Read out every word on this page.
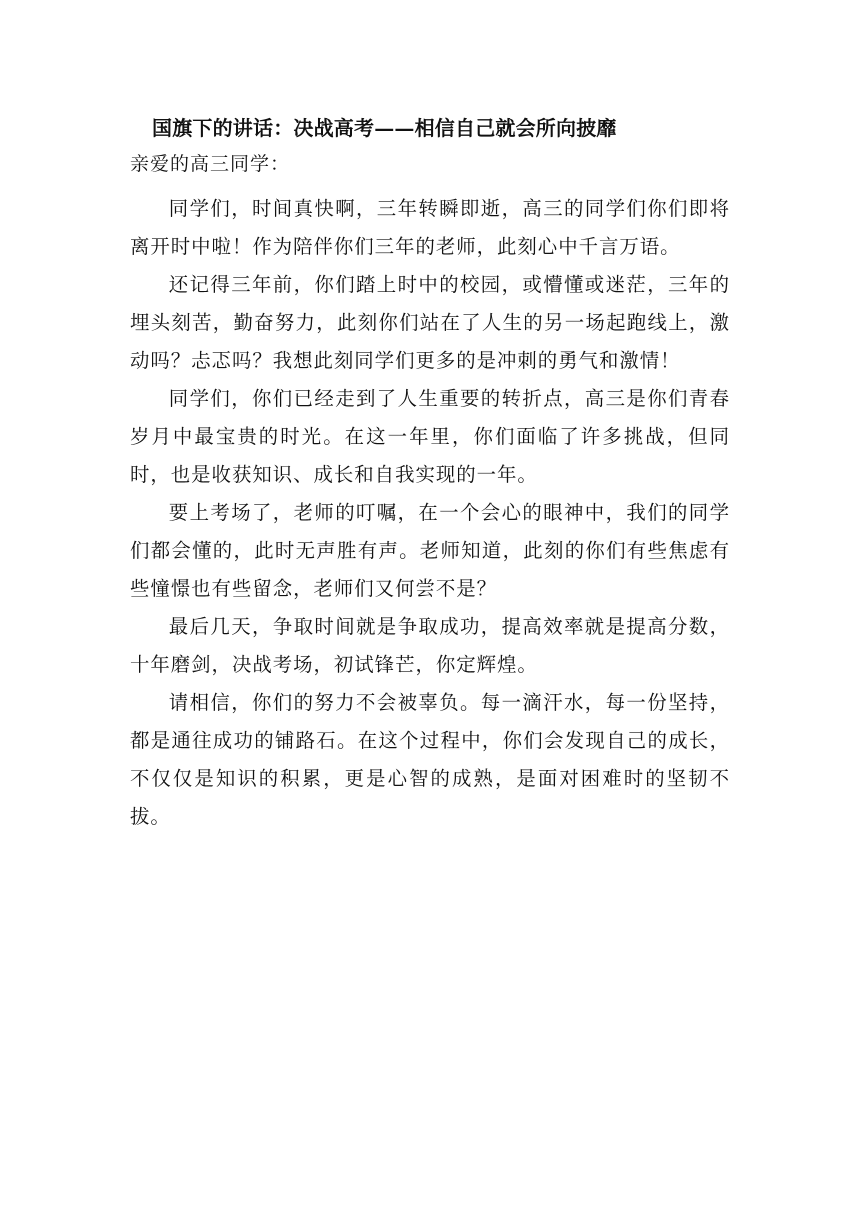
国旗下的讲话：决战高考——相信自己就会所向披靡

亲爱的高三同学：

同学们，时间真快啊，三年转瞬即逝，高三的同学们你们即将离开时中啦！作为陪伴你们三年的老师，此刻心中千言万语。

还记得三年前，你们踏上时中的校园，或懵懂或迷茫，三年的埋头刻苦，勤奋努力，此刻你们站在了人生的另一场起跑线上，激动吗？忐忑吗？我想此刻同学们更多的是冲刺的勇气和激情！

同学们，你们已经走到了人生重要的转折点，高三是你们青春岁月中最宝贵的时光。在这一年里，你们面临了许多挑战，但同时，也是收获知识、成长和自我实现的一年。

要上考场了，老师的叮嘱，在一个会心的眼神中，我们的同学们都会懂的，此时无声胜有声。老师知道，此刻的你们有些焦虑有些憧憬也有些留念，老师们又何尝不是？

最后几天，争取时间就是争取成功，提高效率就是提高分数，十年磨剑，决战考场，初试锋芒，你定辉煌。

请相信，你们的努力不会被辜负。每一滴汗水，每一份坚持，都是通往成功的铺路石。在这个过程中，你们会发现自己的成长，不仅仅是知识的积累，更是心智的成熟，是面对困难时的坚韧不拔。
